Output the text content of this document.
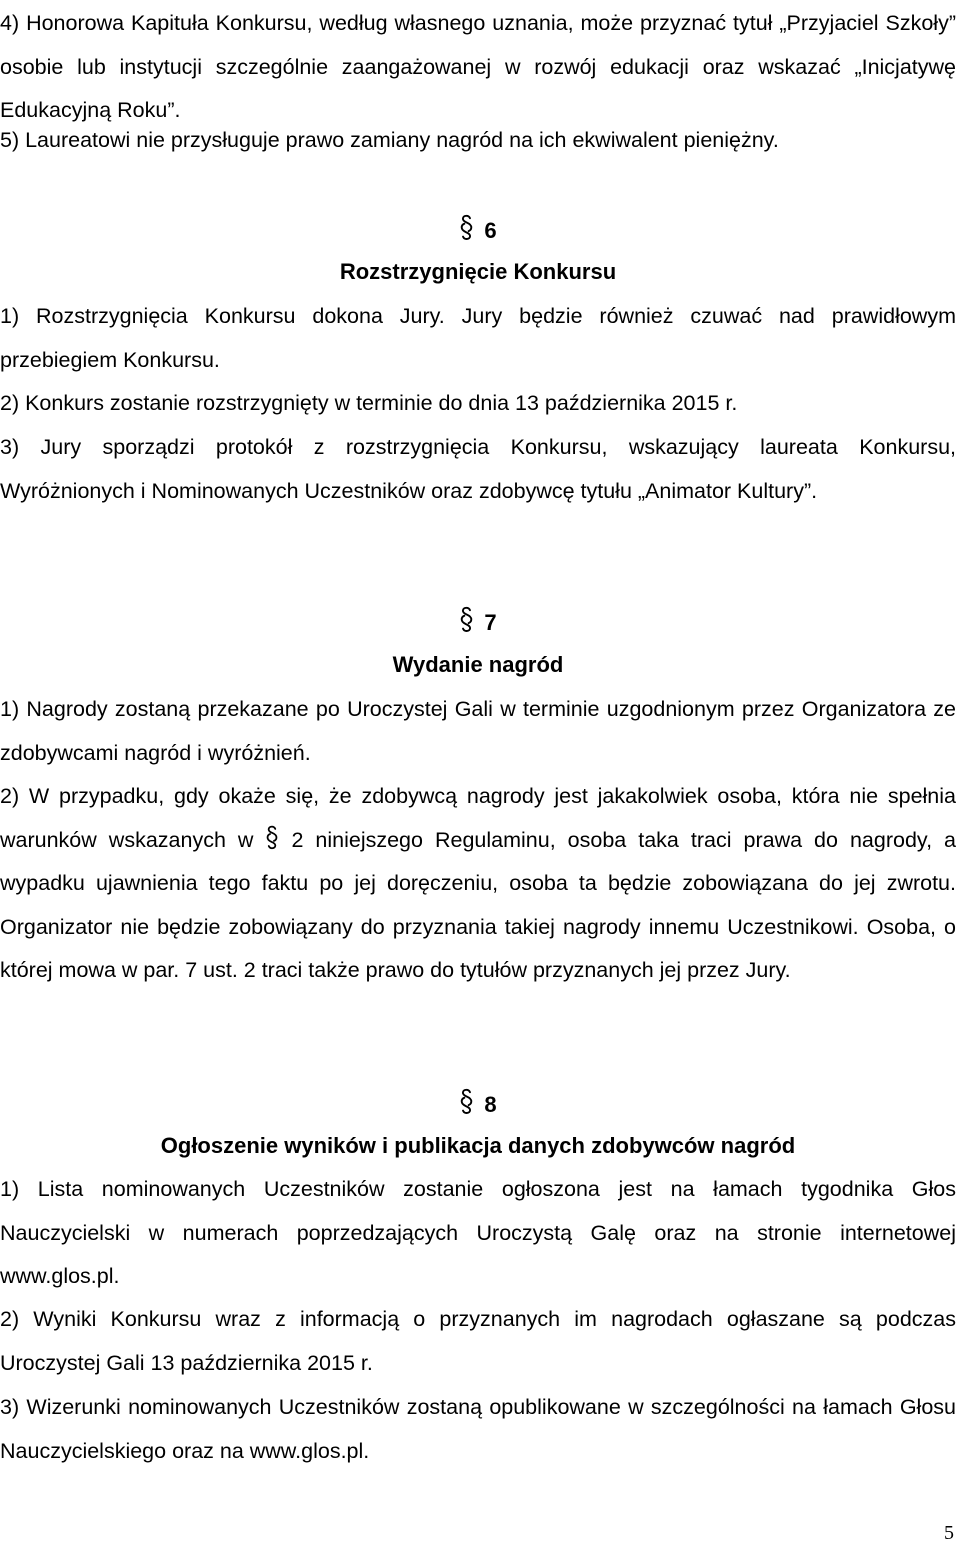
4) Honorowa Kapituła Konkursu, według własnego uznania, może przyznać tytuł „Przyjaciel Szkoły” osobie lub instytucji szczególnie zaangażowanej w rozwój edukacji oraz wskazać „Inicjatywę Edukacyjną Roku”.

5) Laureatowi nie przysługuje prawo zamiany nagród na ich ekwiwalent pieniężny.

6
Rozstrzygnięcie Konkursu

1) Rozstrzygnięcia Konkursu dokona Jury. Jury będzie również czuwać nad prawidłowym przebiegiem Konkursu.

2) Konkurs zostanie rozstrzygnięty w terminie do dnia 13 października 2015 r.

3) Jury sporządzi protokół z rozstrzygnięcia Konkursu, wskazujący laureata Konkursu, Wyróżnionych i Nominowanych Uczestników oraz zdobywcę tytułu „Animator Kultury”.

7
Wydanie nagród

1) Nagrody zostaną przekazane po Uroczystej Gali w terminie uzgodnionym przez Organizatora ze zdobywcami nagród i wyróżnień.

2) W przypadku, gdy okaże się, że zdobywcą nagrody jest jakakolwiek osoba, która nie spełnia warunków wskazanych w 2 niniejszego Regulaminu, osoba taka traci prawa do nagrody, a wypadku ujawnienia tego faktu po jej doręczeniu, osoba ta będzie zobowiązana do jej zwrotu. Organizator nie będzie zobowiązany do przyznania takiej nagrody innemu Uczestnikowi. Osoba, o której mowa w par. 7 ust. 2 traci także prawo do tytułów przyznanych jej przez Jury.

8
Ogłoszenie wyników i publikacja danych zdobywców nagród

1) Lista nominowanych Uczestników zostanie ogłoszona jest na łamach tygodnika Głos Nauczycielski w numerach poprzedzających Uroczystą Galę oraz na stronie internetowej www.glos.pl.

2) Wyniki Konkursu wraz z informacją o przyznanych im nagrodach ogłaszane są podczas Uroczystej Gali 13 października 2015 r.

3) Wizerunki nominowanych Uczestników zostaną opublikowane w szczególności na łamach Głosu Nauczycielskiego oraz na www.glos.pl.

5
